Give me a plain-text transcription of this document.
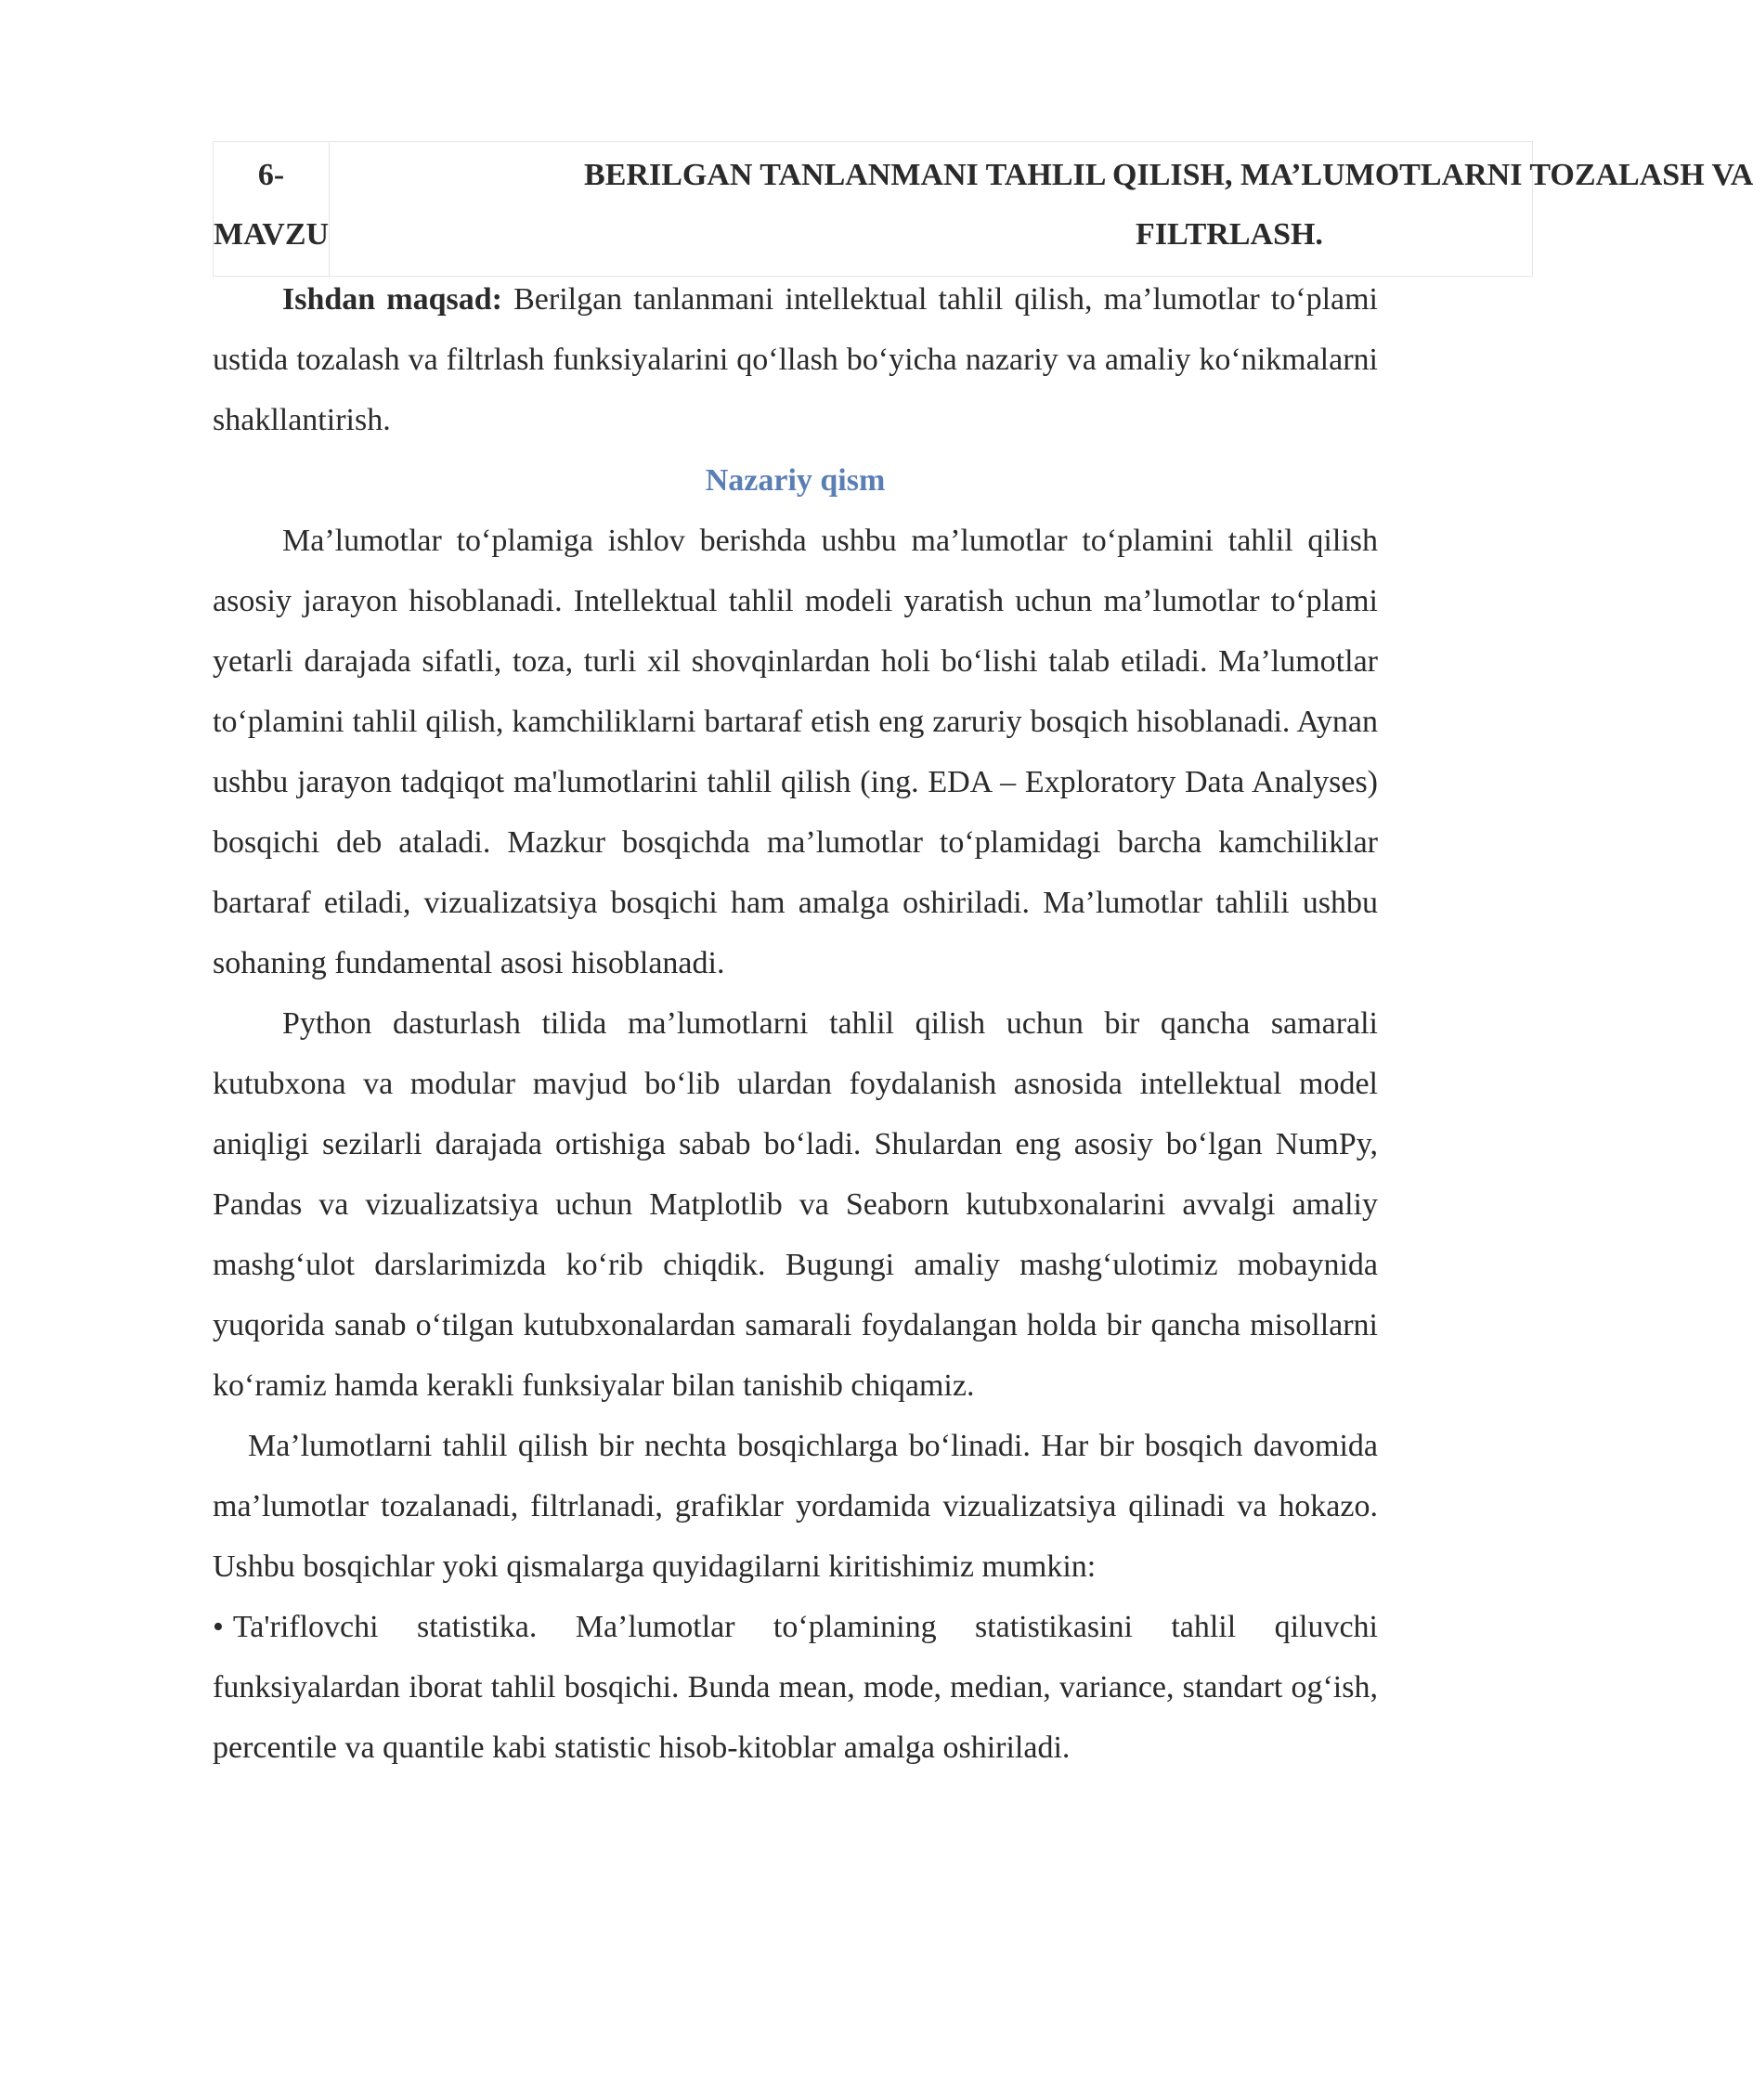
6-
MAVZU
BERILGAN TANLANMANI TAHLIL QILISH, MA’LUMOTLARNI TOZALASH VA
FILTRLASH.

Ishdan maqsad: Berilgan tanlanmani intellektual tahlil qilish, ma’lumotlar to‘plami ustida tozalash va filtrlash funksiyalarini qo‘llash bo‘yicha nazariy va amaliy ko‘nikmalarni shakllantirish.

Nazariy qism

Ma’lumotlar to‘plamiga ishlov berishda ushbu ma’lumotlar to‘plamini tahlil qilish asosiy jarayon hisoblanadi. Intellektual tahlil modeli yaratish uchun ma’lumotlar to‘plami yetarli darajada sifatli, toza, turli xil shovqinlardan holi bo‘lishi talab etiladi. Ma’lumotlar to‘plamini tahlil qilish, kamchiliklarni bartaraf etish eng zaruriy bosqich hisoblanadi. Aynan ushbu jarayon tadqiqot ma'lumotlarini tahlil qilish (ing. EDA – Exploratory Data Analyses) bosqichi deb ataladi. Mazkur bosqichda ma’lumotlar to‘plamidagi barcha kamchiliklar bartaraf etiladi, vizualizatsiya bosqichi ham amalga oshiriladi. Ma’lumotlar tahlili ushbu sohaning fundamental asosi hisoblanadi.

Python dasturlash tilida ma’lumotlarni tahlil qilish uchun bir qancha samarali kutubxona va modular mavjud bo‘lib ulardan foydalanish asnosida intellektual model aniqligi sezilarli darajada ortishiga sabab bo‘ladi. Shulardan eng asosiy bo‘lgan NumPy, Pandas va vizualizatsiya uchun Matplotlib va Seaborn kutubxonalarini avvalgi amaliy mashg‘ulot darslarimizda ko‘rib chiqdik. Bugungi amaliy mashg‘ulotimiz mobaynida yuqorida sanab o‘tilgan kutubxonalardan samarali foydalangan holda bir qancha misollarni ko‘ramiz hamda kerakli funksiyalar bilan tanishib chiqamiz.

Ma’lumotlarni tahlil qilish bir nechta bosqichlarga bo‘linadi. Har bir bosqich davomida ma’lumotlar tozalanadi, filtrlanadi, grafiklar yordamida vizualizatsiya qilinadi va hokazo. Ushbu bosqichlar yoki qismalarga quyidagilarni kiritishimiz mumkin:

• Ta'riflovchi statistika. Ma’lumotlar to‘plamining statistikasini tahlil qiluvchi funksiyalardan iborat tahlil bosqichi. Bunda mean, mode, median, variance, standart og‘ish, percentile va quantile kabi statistic hisob-kitoblar amalga oshiriladi.
